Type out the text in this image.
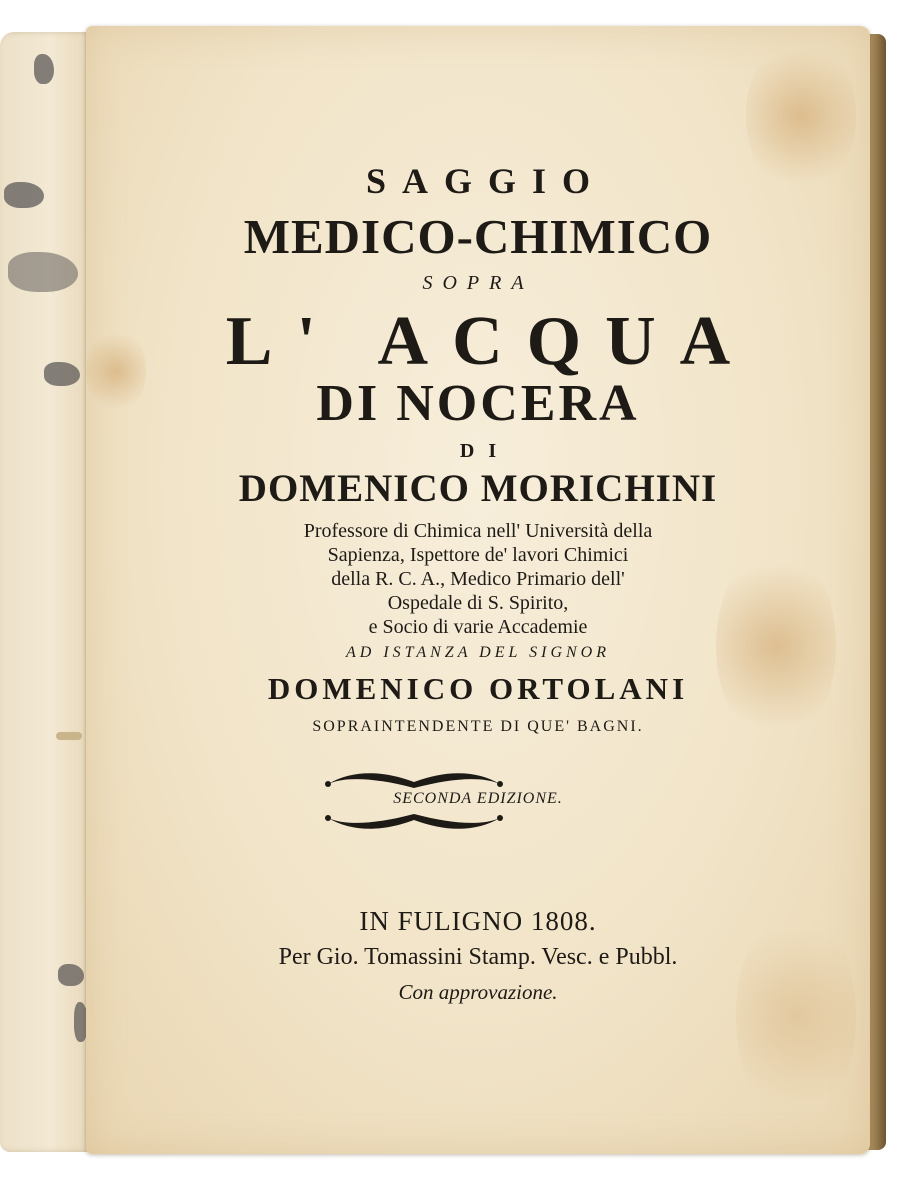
SAGGIO

MEDICO-CHIMICO

SOPRA

L' ACQUA

DI NOCERA

DI

DOMENICO MORICHINI

Professore di Chimica nell' Università della

Sapienza, Ispettore de' lavori Chimici

della R. C. A., Medico Primario dell'

Ospedale di S. Spirito,

e Socio di varie Accademie

AD ISTANZA DEL SIGNOR

DOMENICO ORTOLANI

SOPRAINTENDENTE DI QUE' BAGNI.

SECONDA EDIZIONE.

IN FULIGNO 1808.

Per Gio. Tomassini Stamp. Vesc. e Pubbl.

Con approvazione.
